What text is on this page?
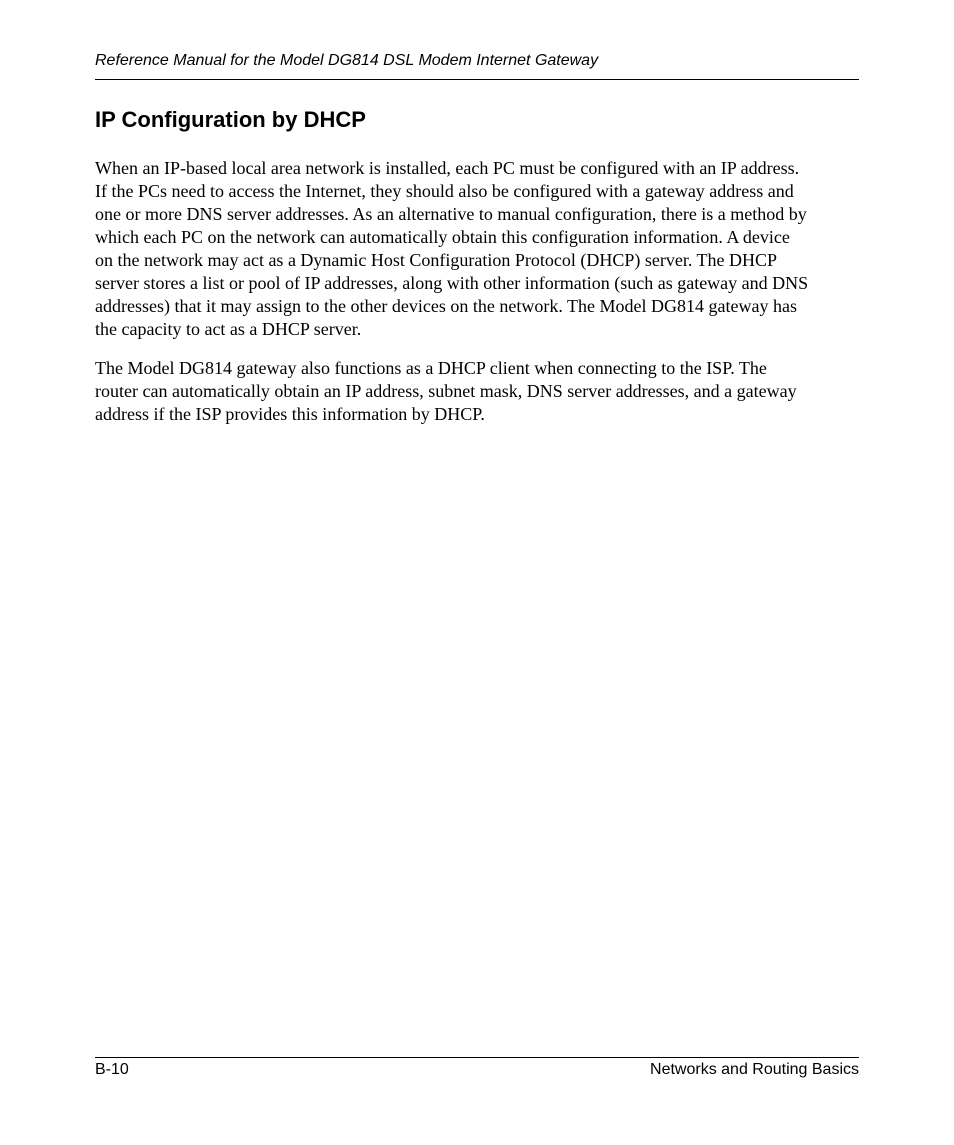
Reference Manual for the Model DG814 DSL Modem Internet Gateway
IP Configuration by DHCP

When an IP-based local area network is installed, each PC must be configured with an IP address.
If the PCs need to access the Internet, they should also be configured with a gateway address and
one or more DNS server addresses. As an alternative to manual configuration, there is a method by
which each PC on the network can automatically obtain this configuration information. A device
on the network may act as a Dynamic Host Configuration Protocol (DHCP) server. The DHCP
server stores a list or pool of IP addresses, along with other information (such as gateway and DNS
addresses) that it may assign to the other devices on the network. The Model DG814 gateway has
the capacity to act as a DHCP server.

The Model DG814 gateway also functions as a DHCP client when connecting to the ISP. The
router can automatically obtain an IP address, subnet mask, DNS server addresses, and a gateway
address if the ISP provides this information by DHCP.

B-10	Networks and Routing Basics
